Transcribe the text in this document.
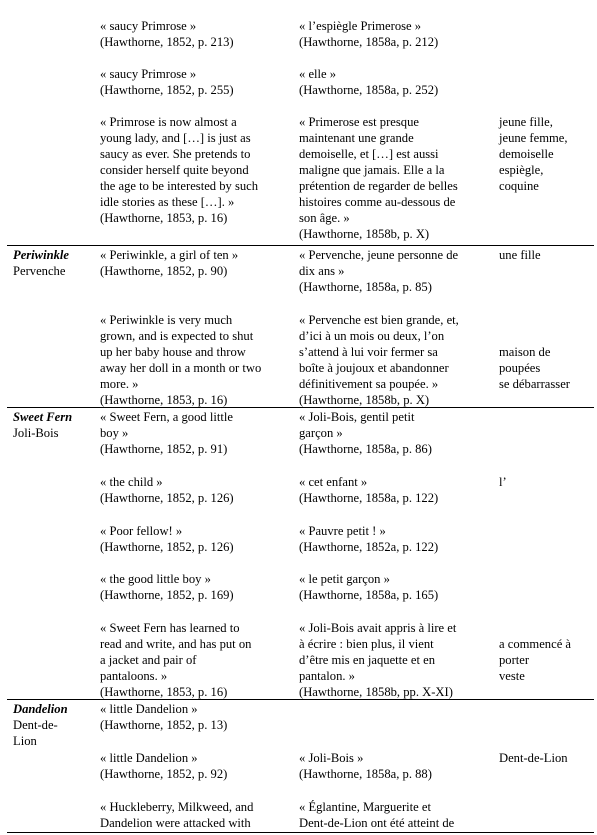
« saucy Primrose »
(Hawthorne, 1852, p. 213)
« l’espiègle Primerose »
(Hawthorne, 1858a, p. 212)
« saucy Primrose »
(Hawthorne, 1852, p. 255)
« elle »
(Hawthorne, 1858a, p. 252)
« Primrose is now almost a
young lady, and […] is just as
saucy as ever. She pretends to
consider herself quite beyond
the age to be interested by such
idle stories as these […]. »
(Hawthorne, 1853, p. 16)
« Primerose est presque
maintenant une grande
demoiselle, et […] est aussi
maligne que jamais. Elle a la
prétention de regarder de belles
histoires comme au-dessous de
son âge. »
(Hawthorne, 1858b, p. X)
jeune fille,
jeune femme,
demoiselle
espiègle,
coquine
Periwinkle
Pervenche
« Periwinkle, a girl of ten »
(Hawthorne, 1852, p. 90)
« Pervenche, jeune personne de
dix ans »
(Hawthorne, 1858a, p. 85)
une fille
« Periwinkle is very much
grown, and is expected to shut
up her baby house and throw
away her doll in a month or two
more. »
(Hawthorne, 1853, p. 16)
« Pervenche est bien grande, et,
d’ici à un mois ou deux, l’on
s’attend à lui voir fermer sa
boîte à joujoux et abandonner
définitivement sa poupée. »
(Hawthorne, 1858b, p. X)

maison de
poupées
se débarrasser
Sweet Fern
Joli-Bois
« Sweet Fern, a good little
boy »
(Hawthorne, 1852, p. 91)
« Joli-Bois, gentil petit
garçon »
(Hawthorne, 1858a, p. 86)
« the child »
(Hawthorne, 1852, p. 126)
« cet enfant »
(Hawthorne, 1858a, p. 122)
l’
« Poor fellow! »
(Hawthorne, 1852, p. 126)
« Pauvre petit ! »
(Hawthorne, 1852a, p. 122)
« the good little boy »
(Hawthorne, 1852, p. 169)
« le petit garçon »
(Hawthorne, 1858a, p. 165)
« Sweet Fern has learned to
read and write, and has put on
a jacket and pair of
pantaloons. »
(Hawthorne, 1853, p. 16)
« Joli-Bois avait appris à lire et
à écrire : bien plus, il vient
d’être mis en jaquette et en
pantalon. »
(Hawthorne, 1858b, pp. X-XI)

a commencé à
porter
veste
Dandelion
Dent-de-
Lion
« little Dandelion »
(Hawthorne, 1852, p. 13)
« little Dandelion »
(Hawthorne, 1852, p. 92)
« Joli-Bois »
(Hawthorne, 1858a, p. 88)
Dent-de-Lion
« Huckleberry, Milkweed, and
Dandelion were attacked with
« Églantine, Marguerite et
Dent-de-Lion ont été atteint de
